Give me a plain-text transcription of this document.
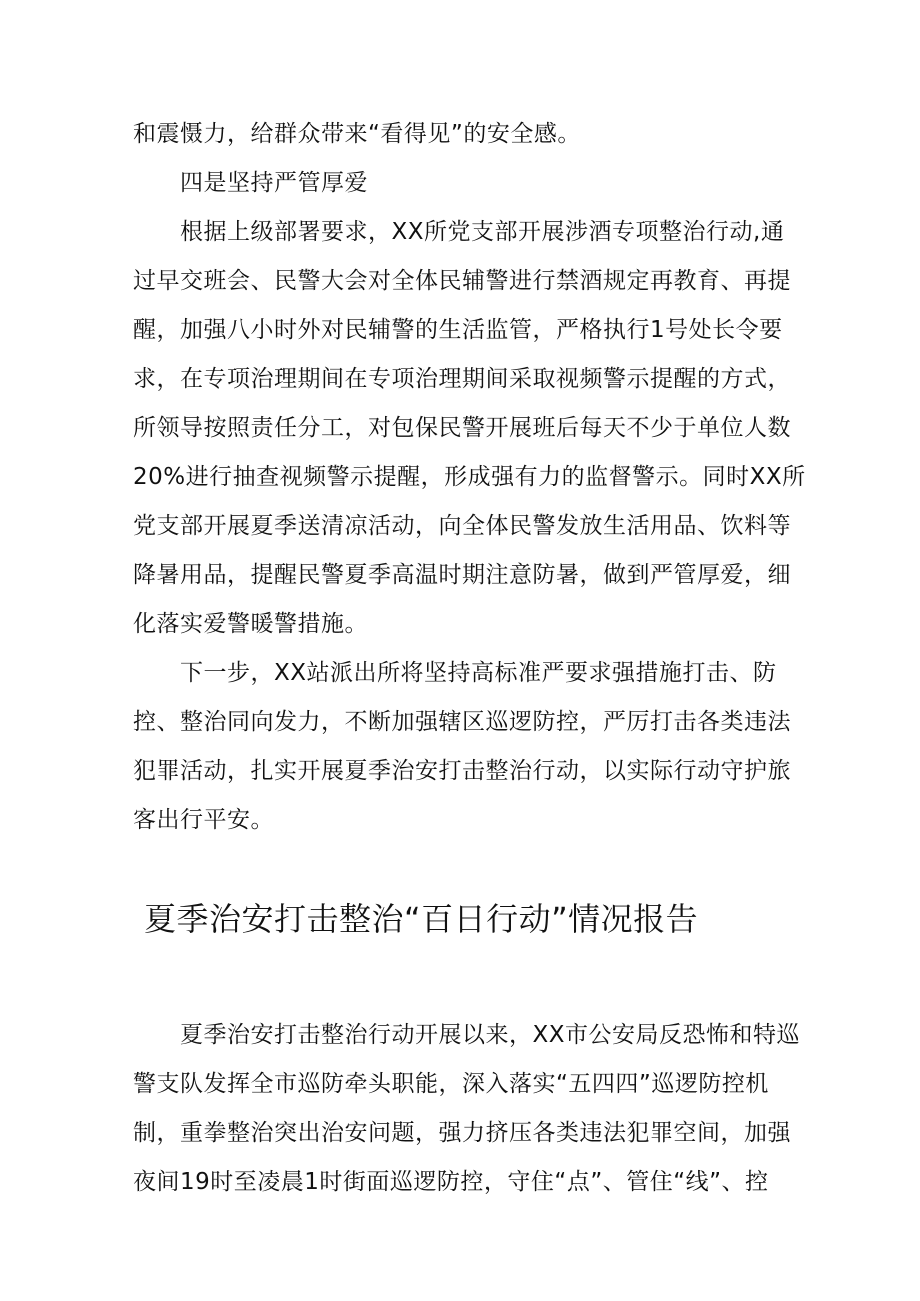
和震慑力，给群众带来“看得见”的安全感。
四是坚持严管厚爱
根据上级部署要求，XX所党支部开展涉酒专项整治行动,通
过早交班会、民警大会对全体民辅警进行禁酒规定再教育、再提
醒，加强八小时外对民辅警的生活监管，严格执行1号处长令要
求，在专项治理期间在专项治理期间采取视频警示提醒的方式，
所领导按照责任分工，对包保民警开展班后每天不少于单位人数
20%进行抽查视频警示提醒，形成强有力的监督警示。同时XX所
党支部开展夏季送清凉活动，向全体民警发放生活用品、饮料等
降暑用品，提醒民警夏季高温时期注意防暑，做到严管厚爱，细
化落实爱警暖警措施。
下一步，XX站派出所将坚持高标准严要求强措施打击、防
控、整治同向发力，不断加强辖区巡逻防控，严厉打击各类违法
犯罪活动，扎实开展夏季治安打击整治行动，以实际行动守护旅
客出行平安。
夏季治安打击整治“百日行动”情况报告
夏季治安打击整治行动开展以来，XX市公安局反恐怖和特巡
警支队发挥全市巡防牵头职能，深入落实“五四四”巡逻防控机
制，重拳整治突出治安问题，强力挤压各类违法犯罪空间，加强
夜间19时至凌晨1时街面巡逻防控，守住“点”、管住“线”、控
